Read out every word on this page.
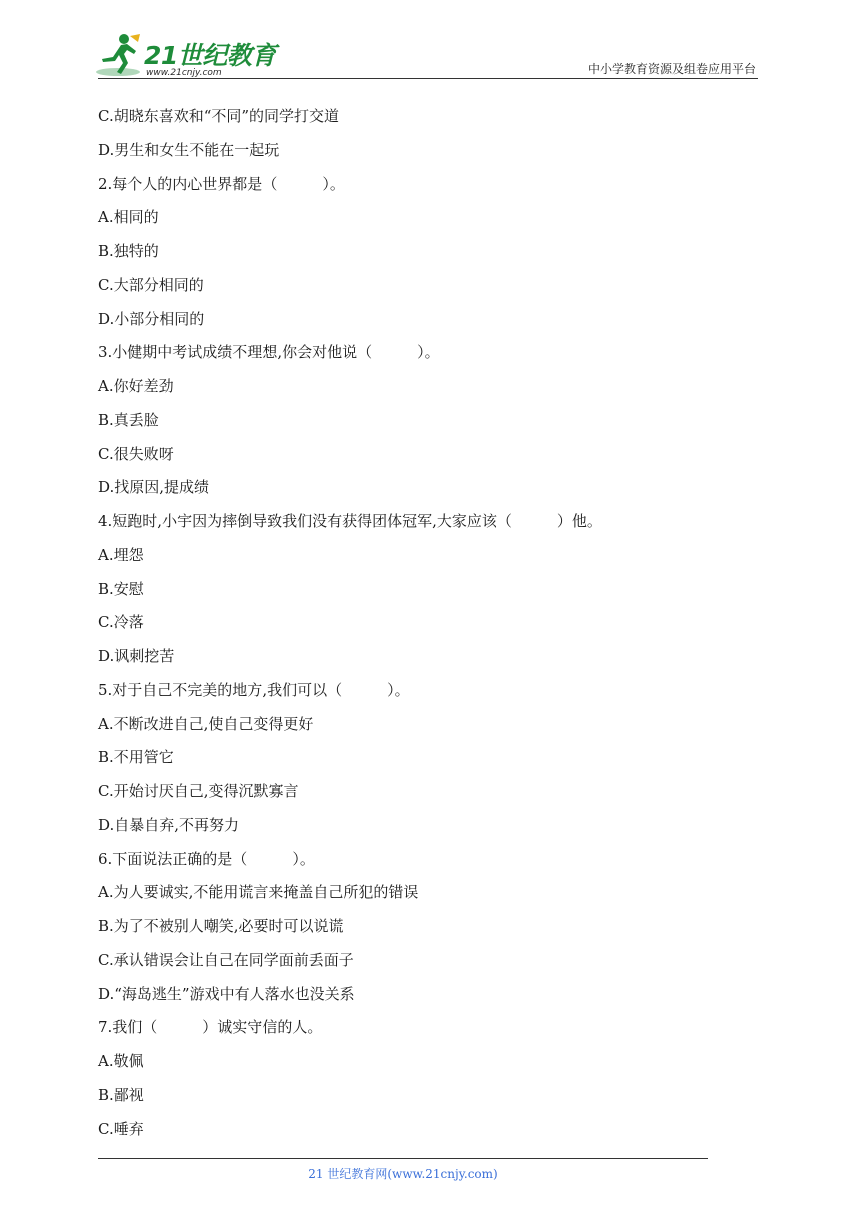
21世纪教育
www.21cnjy.com	中小学教育资源及组卷应用平台
C.胡晓东喜欢和“不同”的同学打交道
D.男生和女生不能在一起玩
2.每个人的内心世界都是（　　　）。
A.相同的
B.独特的
C.大部分相同的
D.小部分相同的
3.小健期中考试成绩不理想,你会对他说（　　　）。
A.你好差劲
B.真丢脸
C.很失败呀
D.找原因,提成绩
4.短跑时,小宇因为摔倒导致我们没有获得团体冠军,大家应该（　　　）他。
A.埋怨
B.安慰
C.冷落
D.讽刺挖苦
5.对于自己不完美的地方,我们可以（　　　）。
A.不断改进自己,使自己变得更好
B.不用管它
C.开始讨厌自己,变得沉默寡言
D.自暴自弃,不再努力
6.下面说法正确的是（　　　）。
A.为人要诚实,不能用谎言来掩盖自己所犯的错误
B.为了不被别人嘲笑,必要时可以说谎
C.承认错误会让自己在同学面前丢面子
D.“海岛逃生”游戏中有人落水也没关系
7.我们（　　　）诚实守信的人。
A.敬佩
B.鄙视
C.唾弃
21 世纪教育网(www.21cnjy.com)
